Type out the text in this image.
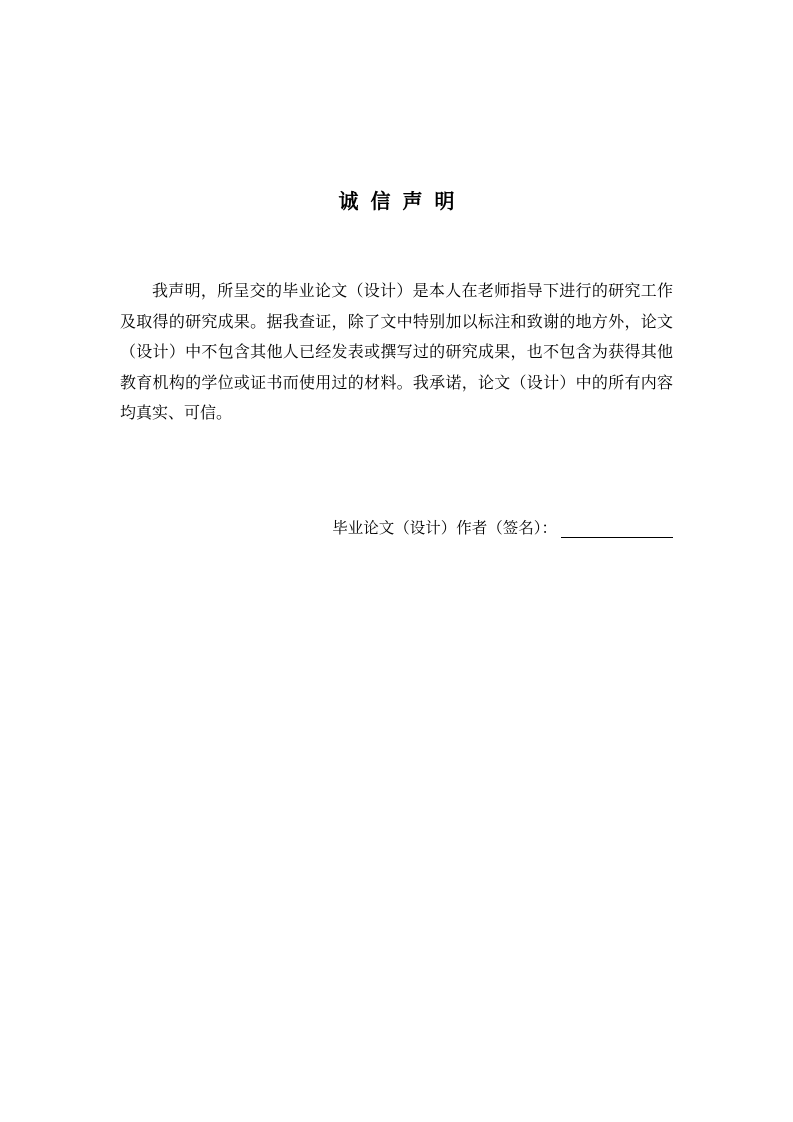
诚信声明

我声明，所呈交的毕业论文（设计）是本人在老师指导下进行的研究工作及取得的研究成果。据我查证，除了文中特别加以标注和致谢的地方外，论文（设计）中不包含其他人已经发表或撰写过的研究成果，也不包含为获得其他教育机构的学位或证书而使用过的材料。我承诺，论文（设计）中的所有内容均真实、可信。

毕业论文（设计）作者（签名）：
